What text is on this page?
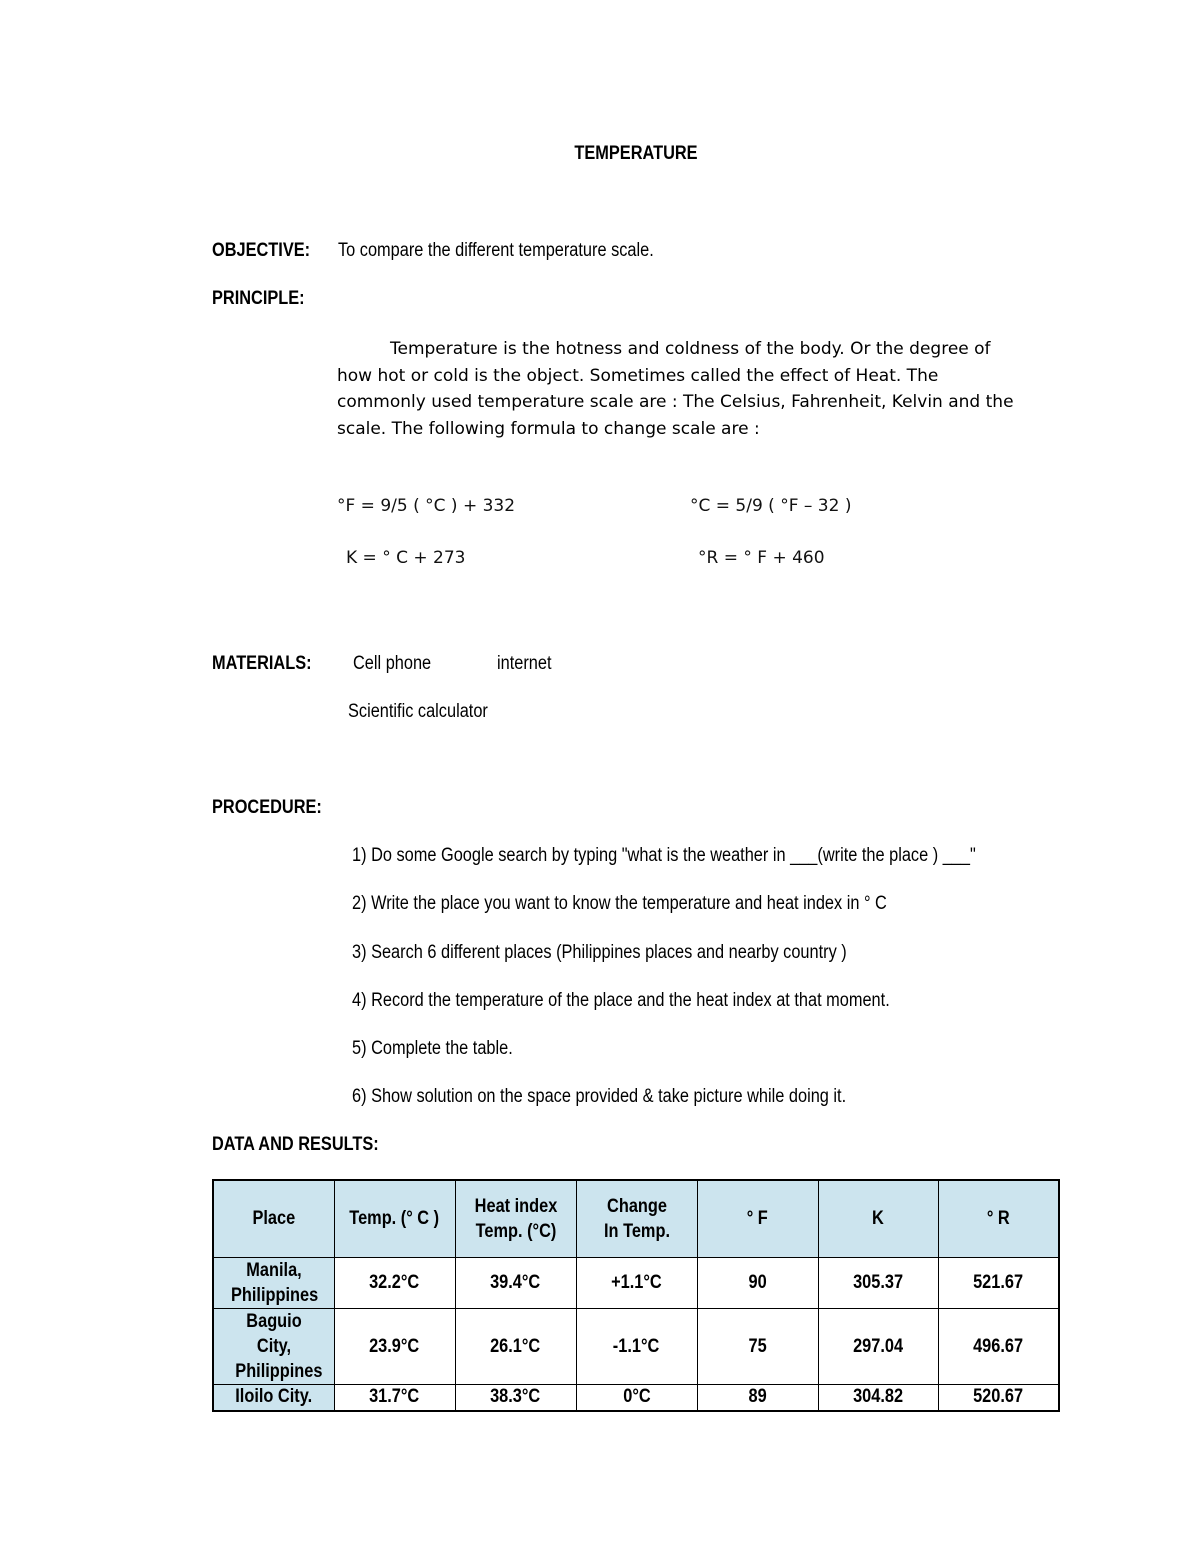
TEMPERATURE
OBJECTIVE: To compare the different temperature scale.
PRINCIPLE:
Temperature is the hotness and coldness of the body. Or the degree of
how hot or cold is the object. Sometimes called the effect of Heat. The
commonly used temperature scale are : The Celsius, Fahrenheit, Kelvin and the
scale. The following formula to change scale are :
°F = 9/5 ( °C ) + 332	°C = 5/9 ( °F – 32 )
K = ° C + 273	°R = ° F + 460
MATERIALS: Cell phone	internet
Scientific calculator
PROCEDURE:
1) Do some Google search by typing "what is the weather in ___(write the place ) ___"
2) Write the place you want to know the temperature and heat index in ° C
3) Search 6 different places (Philippines places and nearby country )
4) Record the temperature of the place and the heat index at that moment.
5) Complete the table.
6) Show solution on the space provided & take picture while doing it.
DATA AND RESULTS:
Place	Temp. (° C )	Heat index Temp. (°C)	Change In Temp.	° F	K	° R
Manila, Philippines	32.2°C	39.4°C	+1.1°C	90	305.37	521.67
Baguio City, Philippines	23.9°C	26.1°C	-1.1°C	75	297.04	496.67
Iloilo City.	31.7°C	38.3°C	0°C	89	304.82	520.67
